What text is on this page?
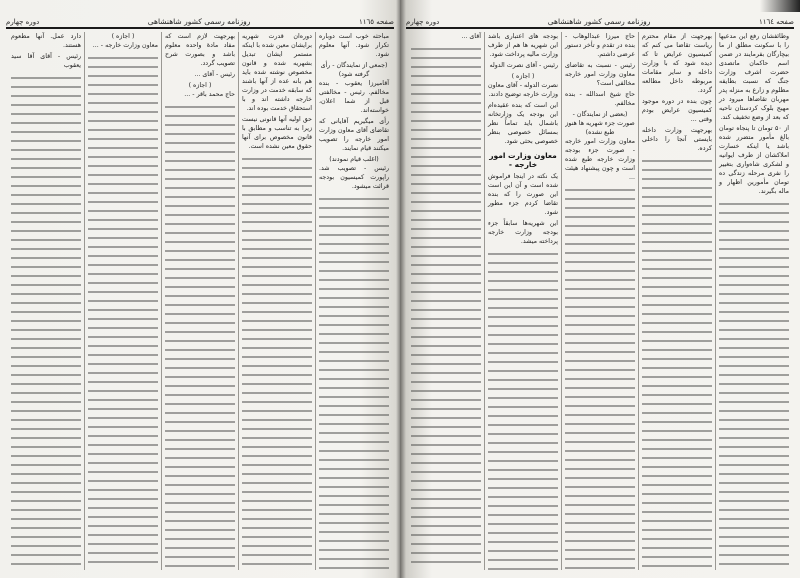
صفحه ۱۱٦٥
روزنامه رسمی کشور شاهنشاهی
دوره چهارم
مباحثه خوب است دوباره تکرار شود. آنها معلوم شود.
(جمعی از نمایندگان - رأی گرفته شود)
آقامیرزا یعقوب - بنده مخالفم. رئیس - مخالفتی قبل از شما اعلان، خواسته‌اند.
رأی میگیریم آقایانی که تقاضای آقای معاون وزارت امور خارجه را تصویب میکنند قیام نمایند.
(اغلب قیام نمودند)
رئیس - تصویب شد. راپورت کمیسیون بودجه قرائت میشود.
دوره‌ان قدرت شهریه برایشان معین شده با اینکه مستمر ایشان تبدیل بشهریه شده و قانون مخصوص نوشته شده باید هم بانه عده از آنها باشند که سابقه خدمت در وزارت خارجه داشته اند و با استحقاق خدمت بوده اند.
حق اولیه آنها قانونی نیست زیرا به تناسب و مطابق با قانون مخصوص برای آنها حقوق معین نشده است.
بهرجهت لازم است که مفاد مادهٔ واحده معلوم باشد و بصورت شرح تصویب گردد.
رئیس - آقای ...
( اجازه )
حاج محمد باقر - ...
( اجازه )
معاون وزارت خارجه - ...
دارد عمل. آنها مطعوم هستند.
رئیس - آقای آقا سید یعقوب
صفحه ۱۱٦٤
روزنامه رسمی کشور شاهنشاهی
دوره چهارم
وطائفشان رفع این مدعیها را با سکونت مطلق از ما بیچارگان بفرمایند در ضمن اسم حاکمان ماتصدی حضرت اشرف وزارت جنگ که نسبت بطایفه مظلوم و زارع به منزله پدر مهربان تقاضاها میرود در مهیج بلوک کردستان ناحیه که بعد از وضع تخفیف کند.
از ۵۰ تومان تا پنجاه تومان بالغ مأمور متضرر شده باشد یا اینکه خسارت املاکشان از طرف ایوانیه و لشکری شاه‌واری بتغییر را نفری مرحله زندگی ده تومان مأمورین اظهار و ماله بگیرند.
بهرجهت از مقام محترم ریاست تقاضا می کنم که کمیسیون عرایض تا که دیده شود که با وزارت داخله و سایر مقامات مربوطه داخل مطالعه گردد.
چون بنده در دوره موجود کمیسیون عرایض بودم وقتی ...
بهرجهت وزارت داخله بایستی آنجا را داخلی کرده.
حاج میرزا عبدالوهاب - بنده در تقدم و تأخر دستور عرضی داشتم.
رئیس - نسبت به تقاضای معاون وزارت امور خارجه مخالفی است؟
حاج شیخ اسدالله - بنده مخالفم.
(بعضی از نمایندگان - صورت جزء شهریه ها هنوز طبع نشده)
معاون وزارت امور خارجه - صورت جزء بودجه وزارت خارجه طبع شده است و چون پیشنهاد هیئت ...
بودجه های اعتباری باشد این شهریه ها هم از طرف وزارت مالیه پرداخت شود.
رئیس - آقای نصرت الدوله
( اجازه )
نصرت الدوله - آقای معاون وزارت خارجه توضیح دادند.
این است که بنده عقیده‌ام این بودجه یک وزارتخانه باشمال باید تماماً نظر بمسائل خصوصی بنظر خصوصی بحثی شود.
معاون وزارت امور خارجه -
یک نکته در اینجا فراموش شده است و آن این است این صورت را که بنده تقاضا کردم جزء مطور شود.
این شهریه‌ها سابقاً جزء بودجه وزارت خارجه پرداخته میشد.
آقای ...
